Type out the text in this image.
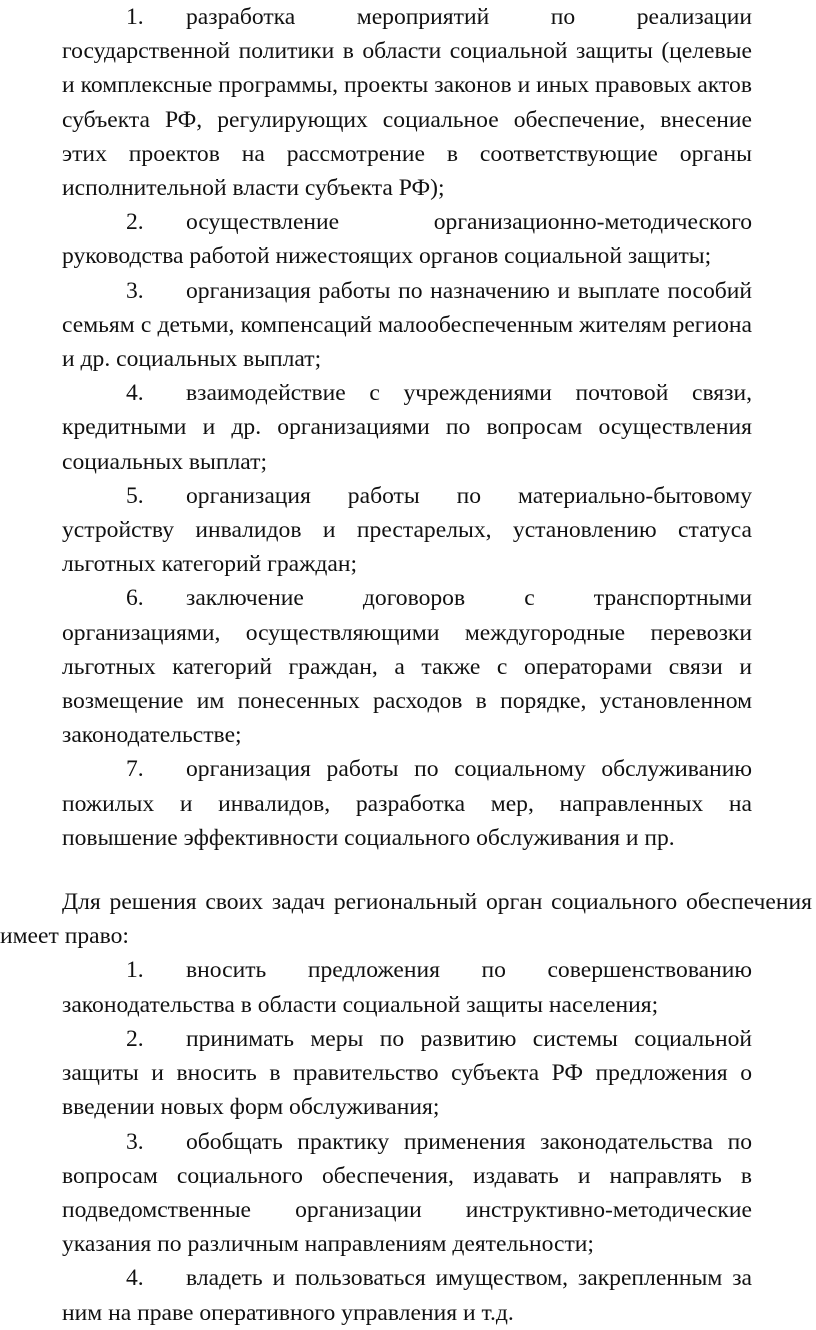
1. разработка мероприятий по реализации государственной политики в области социальной защиты (целевые и комплексные программы, проекты законов и иных правовых актов субъекта РФ, регулирующих социальное обеспечение, внесение этих проектов на рассмотрение в соответствующие органы исполнительной власти субъекта РФ);

2. осуществление организационно-методического руководства работой нижестоящих органов социальной защиты;

3. организация работы по назначению и выплате пособий семьям с детьми, компенсаций малообеспеченным жителям региона и др. социальных выплат;

4. взаимодействие с учреждениями почтовой связи, кредитными и др. организациями по вопросам осуществления социальных выплат;

5. организация работы по материально-бытовому устройству инвалидов и престарелых, установлению статуса льготных категорий граждан;

6. заключение договоров с транспортными организациями, осуществляющими междугородные перевозки льготных категорий граждан, а также с операторами связи и возмещение им понесенных расходов в порядке, установленном законодательстве;

7. организация работы по социальному обслуживанию пожилых и инвалидов, разработка мер, направленных на повышение эффективности социального обслуживания и пр.

Для решения своих задач региональный орган социального обеспечения имеет право:

1. вносить предложения по совершенствованию законодательства в области социальной защиты населения;

2. принимать меры по развитию системы социальной защиты и вносить в правительство субъекта РФ предложения о введении новых форм обслуживания;

3. обобщать практику применения законодательства по вопросам социального обеспечения, издавать и направлять в подведомственные организации инструктивно-методические указания по различным направлениям деятельности;

4. владеть и пользоваться имуществом, закрепленным за ним на праве оперативного управления и т.д.
